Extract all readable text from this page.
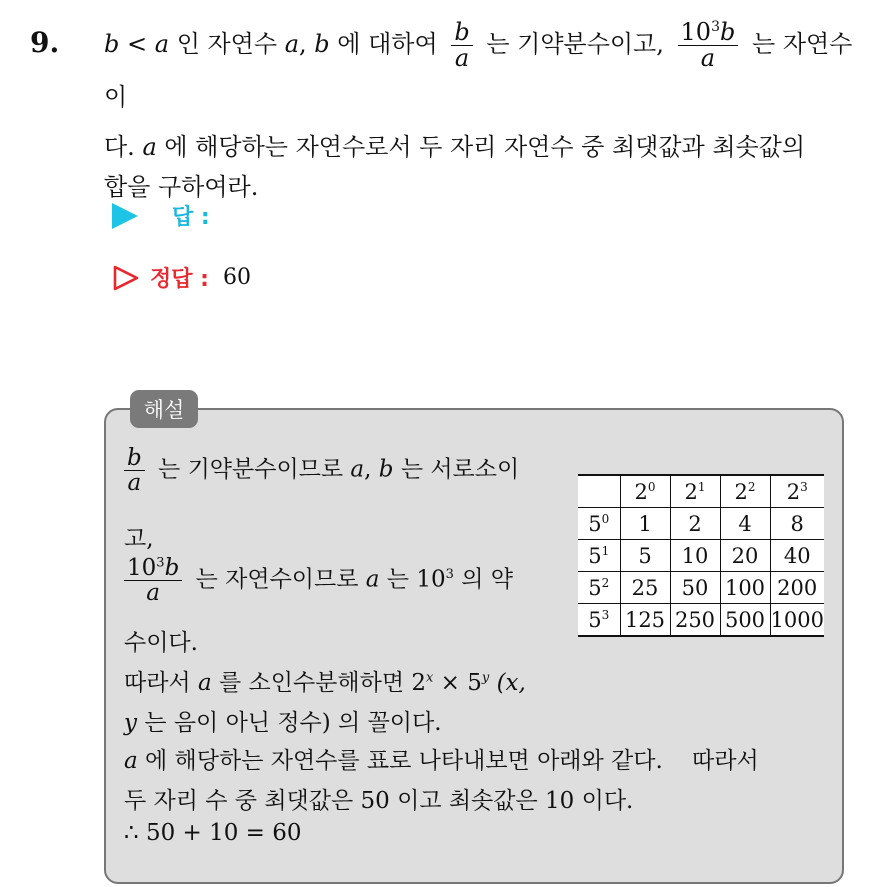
9. b < a 인 자연수 a, b 에 대하여 $\frac{b}{a}$ 는 기약분수이고, $\frac{10^3b}{a}$ 는 자연수이
다. a 에 해당하는 자연수로서 두 자리 자연수 중 최댓값과 최솟값의
합을 구하여라.
답 :
정답 : 60
해설
$\frac{b}{a}$ 는 기약분수이므로 a, b 는 서로소이
고,
$\frac{10^3b}{a}$ 는 자연수이므로 a 는 $10^3$ 의 약
수이다.
따라서 a 를 소인수분해하면 $2^x \times 5^y$ (x,
y 는 음이 아닌 정수) 의 꼴이다.
a 에 해당하는 자연수를 표로 나타내보면 아래와 같다.    따라서
두 자리 수 중 최댓값은 50 이고 최솟값은 10 이다.
∴ 50 + 10 = 60
	$2^0$	$2^1$	$2^2$	$2^3$
$5^0$	1	2	4	8
$5^1$	5	10	20	40
$5^2$	25	50	100	200
$5^3$	125	250	500	1000
